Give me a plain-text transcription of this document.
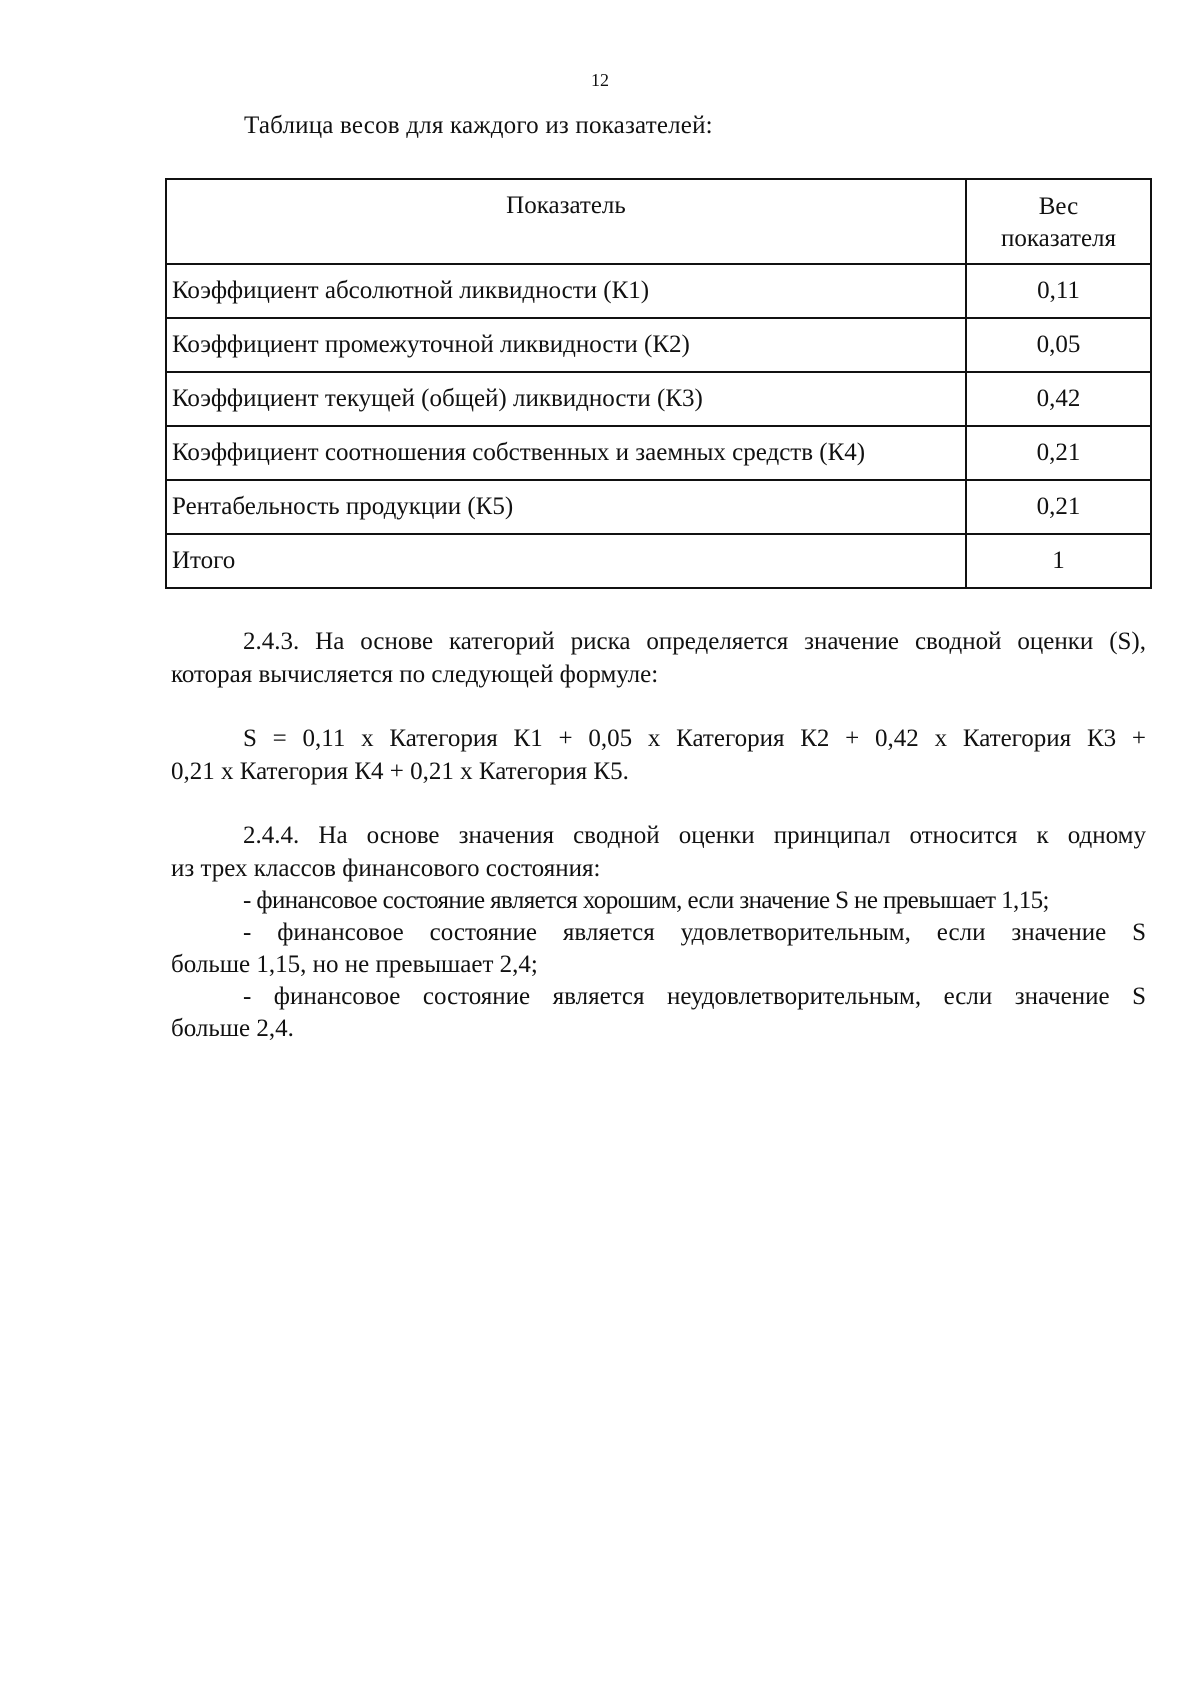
12
Таблица весов для каждого из показателей:
Показатель	Вес показателя
Коэффициент абсолютной ликвидности (К1)	0,11
Коэффициент промежуточной ликвидности (К2)	0,05
Коэффициент текущей (общей) ликвидности (К3)	0,42
Коэффициент соотношения собственных и заемных средств (К4)	0,21
Рентабельность продукции (К5)	0,21
Итого	1
2.4.3. На основе категорий риска определяется значение сводной оценки (S),
которая вычисляется по следующей формуле:
S = 0,11 х Категория К1 + 0,05 х Категория К2 + 0,42 х Категория К3 +
0,21 х Категория К4 + 0,21 х Категория К5.
2.4.4. На основе значения сводной оценки принципал относится к одному
из трех классов финансового состояния:
- финансовое состояние является хорошим, если значение S не превышает 1,15;
- финансовое состояние является удовлетворительным, если значение S
больше 1,15, но не превышает 2,4;
- финансовое состояние является неудовлетворительным, если значение S
больше 2,4.
